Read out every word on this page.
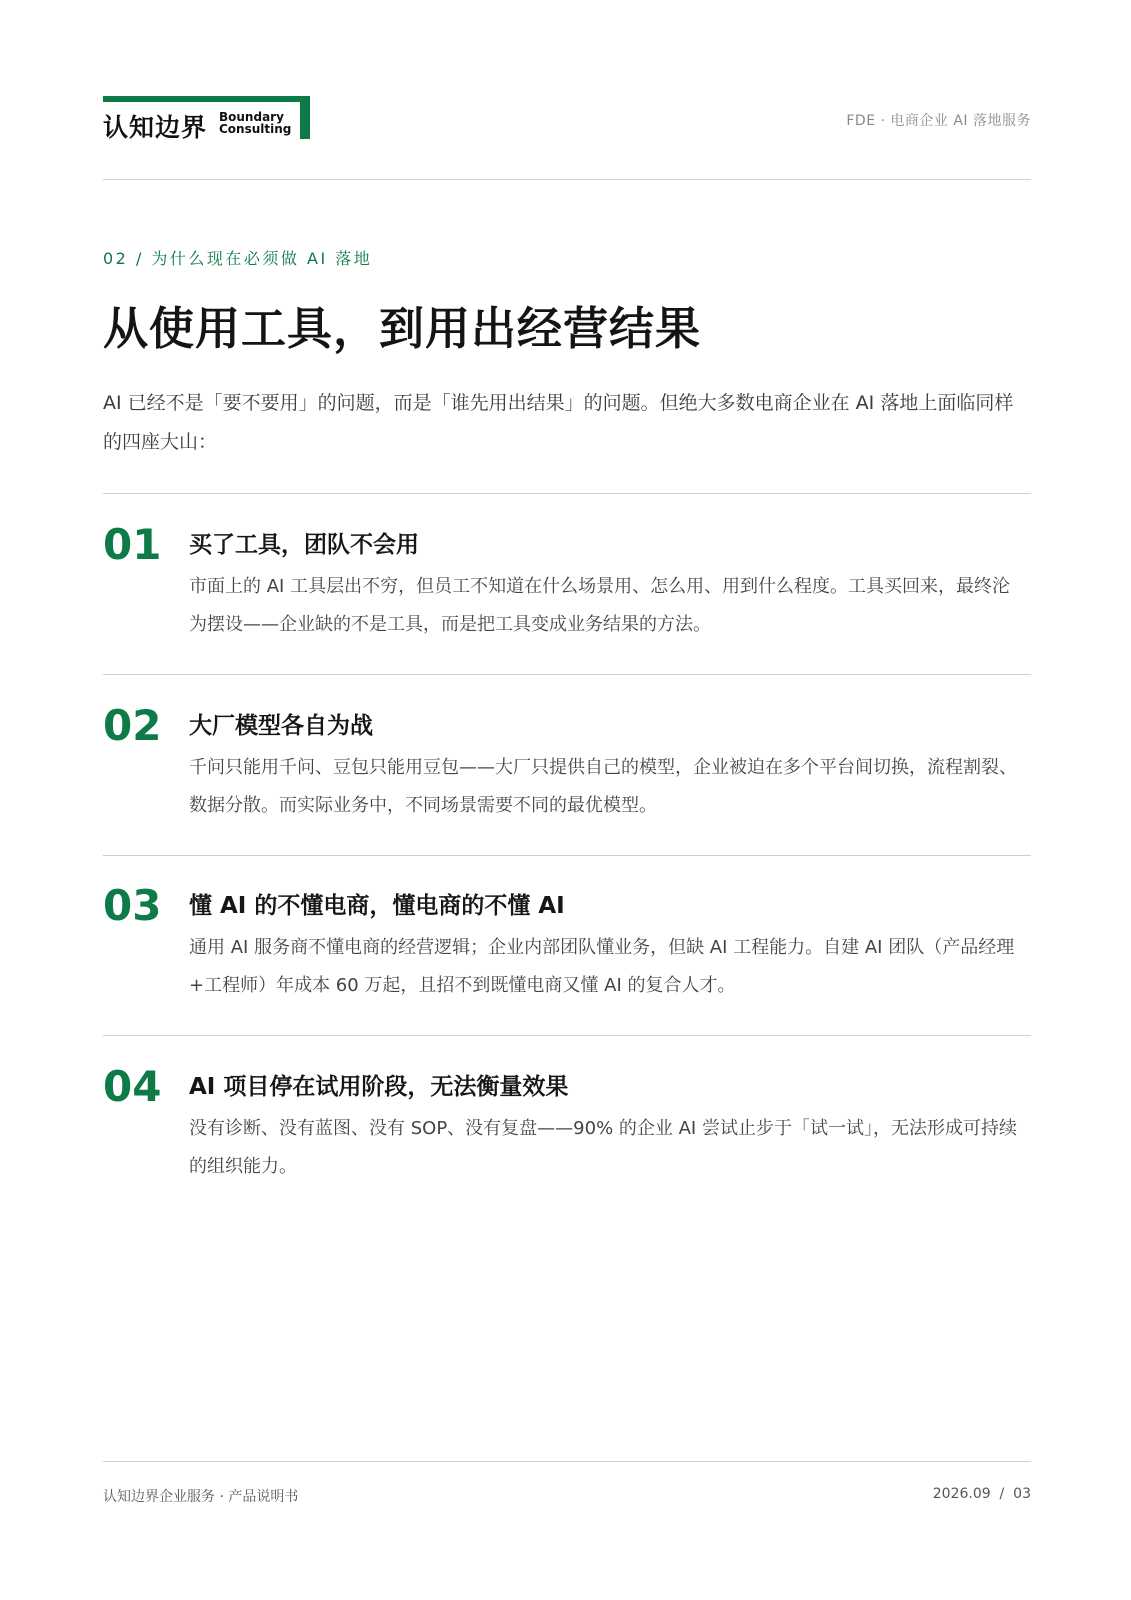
认知边界 Boundary
Consulting	FDE · 电商企业 AI 落地服务
02 / 为什么现在必须做 AI 落地
从使用工具，到用出经营结果
AI 已经不是「要不要用」的问题，而是「谁先用出结果」的问题。但绝大多数电商企业在 AI 落地上面临同样的四座大山：
01 买了工具，团队不会用
市面上的 AI 工具层出不穷，但员工不知道在什么场景用、怎么用、用到什么程度。工具买回来，最终沦为摆设——企业缺的不是工具，而是把工具变成业务结果的方法。
02 大厂模型各自为战
千问只能用千问、豆包只能用豆包——大厂只提供自己的模型，企业被迫在多个平台间切换，流程割裂、数据分散。而实际业务中，不同场景需要不同的最优模型。
03 懂 AI 的不懂电商，懂电商的不懂 AI
通用 AI 服务商不懂电商的经营逻辑；企业内部团队懂业务，但缺 AI 工程能力。自建 AI 团队（产品经理+工程师）年成本 60 万起，且招不到既懂电商又懂 AI 的复合人才。
04 AI 项目停在试用阶段，无法衡量效果
没有诊断、没有蓝图、没有 SOP、没有复盘——90% 的企业 AI 尝试止步于「试一试」，无法形成可持续的组织能力。
认知边界企业服务 · 产品说明书	2026.09  /  03
